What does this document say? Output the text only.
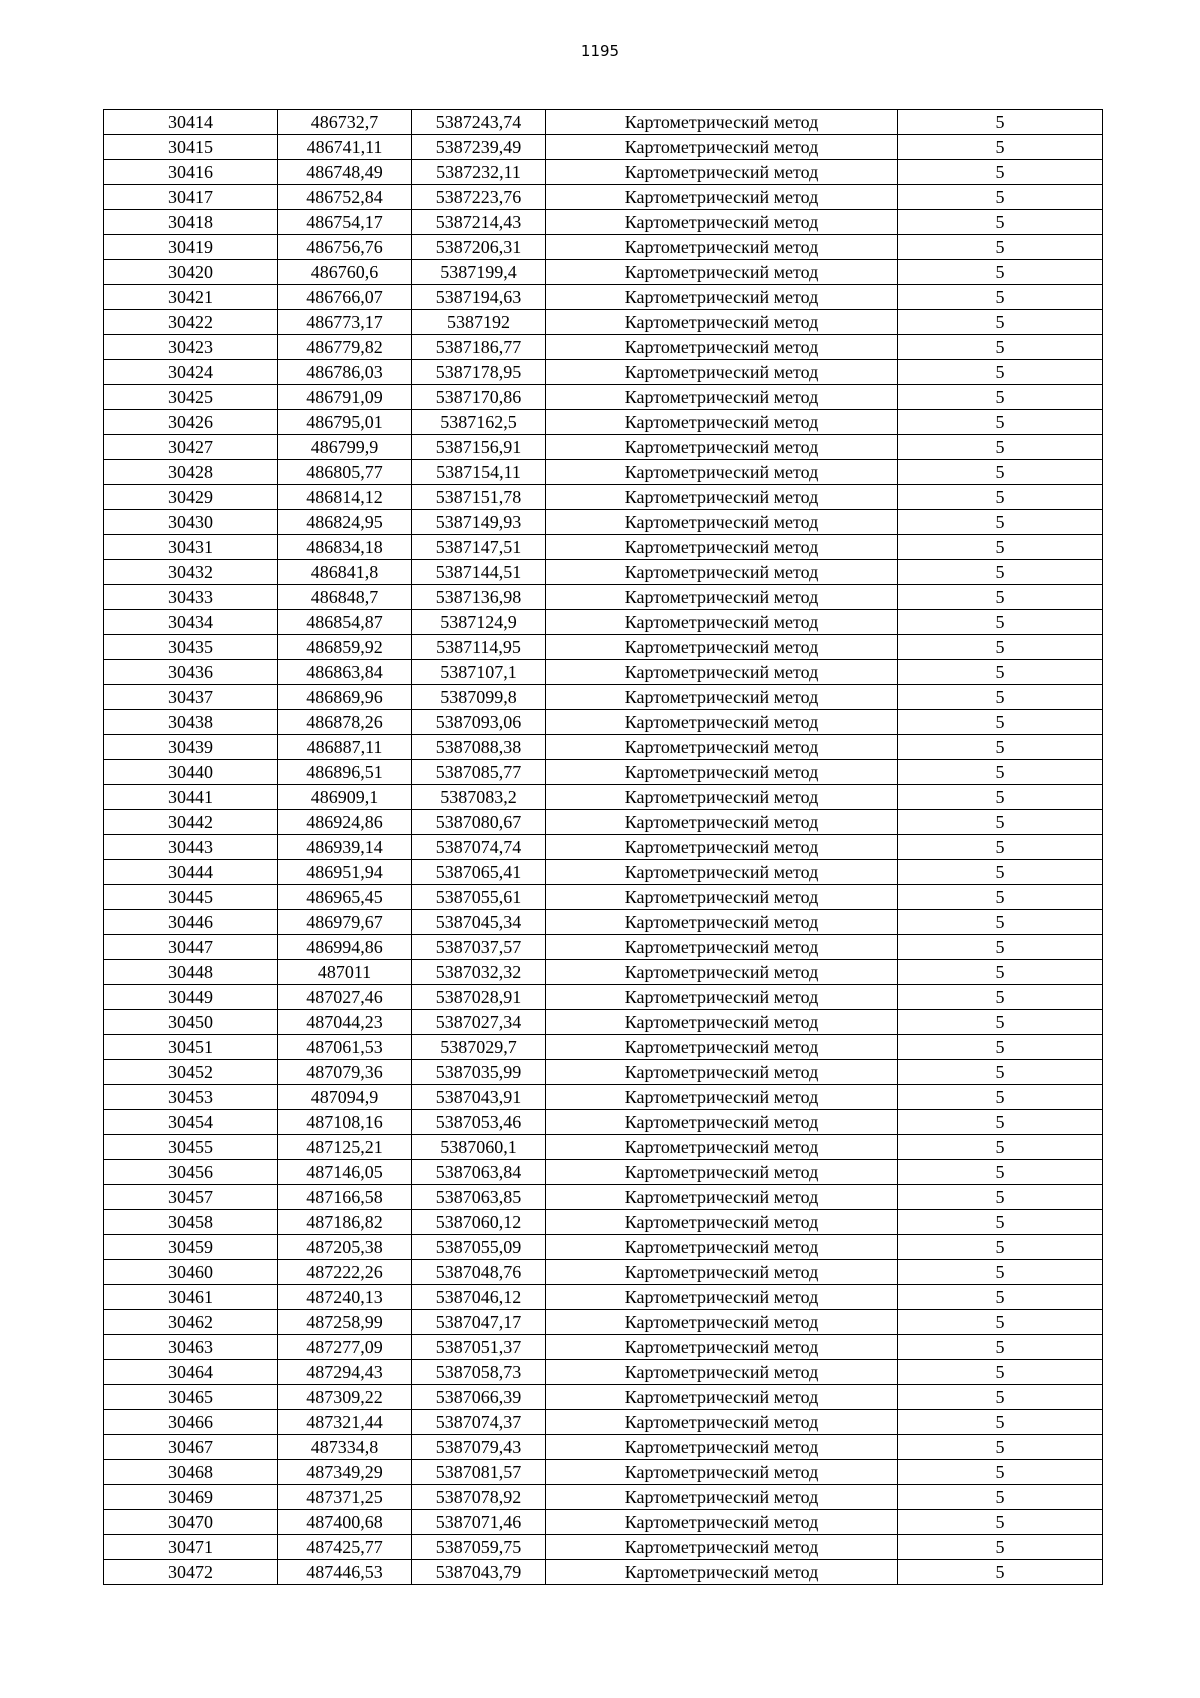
1195
30414	486732,7	5387243,74	Картометрический метод	5
30415	486741,11	5387239,49	Картометрический метод	5
30416	486748,49	5387232,11	Картометрический метод	5
30417	486752,84	5387223,76	Картометрический метод	5
30418	486754,17	5387214,43	Картометрический метод	5
30419	486756,76	5387206,31	Картометрический метод	5
30420	486760,6	5387199,4	Картометрический метод	5
30421	486766,07	5387194,63	Картометрический метод	5
30422	486773,17	5387192	Картометрический метод	5
30423	486779,82	5387186,77	Картометрический метод	5
30424	486786,03	5387178,95	Картометрический метод	5
30425	486791,09	5387170,86	Картометрический метод	5
30426	486795,01	5387162,5	Картометрический метод	5
30427	486799,9	5387156,91	Картометрический метод	5
30428	486805,77	5387154,11	Картометрический метод	5
30429	486814,12	5387151,78	Картометрический метод	5
30430	486824,95	5387149,93	Картометрический метод	5
30431	486834,18	5387147,51	Картометрический метод	5
30432	486841,8	5387144,51	Картометрический метод	5
30433	486848,7	5387136,98	Картометрический метод	5
30434	486854,87	5387124,9	Картометрический метод	5
30435	486859,92	5387114,95	Картометрический метод	5
30436	486863,84	5387107,1	Картометрический метод	5
30437	486869,96	5387099,8	Картометрический метод	5
30438	486878,26	5387093,06	Картометрический метод	5
30439	486887,11	5387088,38	Картометрический метод	5
30440	486896,51	5387085,77	Картометрический метод	5
30441	486909,1	5387083,2	Картометрический метод	5
30442	486924,86	5387080,67	Картометрический метод	5
30443	486939,14	5387074,74	Картометрический метод	5
30444	486951,94	5387065,41	Картометрический метод	5
30445	486965,45	5387055,61	Картометрический метод	5
30446	486979,67	5387045,34	Картометрический метод	5
30447	486994,86	5387037,57	Картометрический метод	5
30448	487011	5387032,32	Картометрический метод	5
30449	487027,46	5387028,91	Картометрический метод	5
30450	487044,23	5387027,34	Картометрический метод	5
30451	487061,53	5387029,7	Картометрический метод	5
30452	487079,36	5387035,99	Картометрический метод	5
30453	487094,9	5387043,91	Картометрический метод	5
30454	487108,16	5387053,46	Картометрический метод	5
30455	487125,21	5387060,1	Картометрический метод	5
30456	487146,05	5387063,84	Картометрический метод	5
30457	487166,58	5387063,85	Картометрический метод	5
30458	487186,82	5387060,12	Картометрический метод	5
30459	487205,38	5387055,09	Картометрический метод	5
30460	487222,26	5387048,76	Картометрический метод	5
30461	487240,13	5387046,12	Картометрический метод	5
30462	487258,99	5387047,17	Картометрический метод	5
30463	487277,09	5387051,37	Картометрический метод	5
30464	487294,43	5387058,73	Картометрический метод	5
30465	487309,22	5387066,39	Картометрический метод	5
30466	487321,44	5387074,37	Картометрический метод	5
30467	487334,8	5387079,43	Картометрический метод	5
30468	487349,29	5387081,57	Картометрический метод	5
30469	487371,25	5387078,92	Картометрический метод	5
30470	487400,68	5387071,46	Картометрический метод	5
30471	487425,77	5387059,75	Картометрический метод	5
30472	487446,53	5387043,79	Картометрический метод	5
